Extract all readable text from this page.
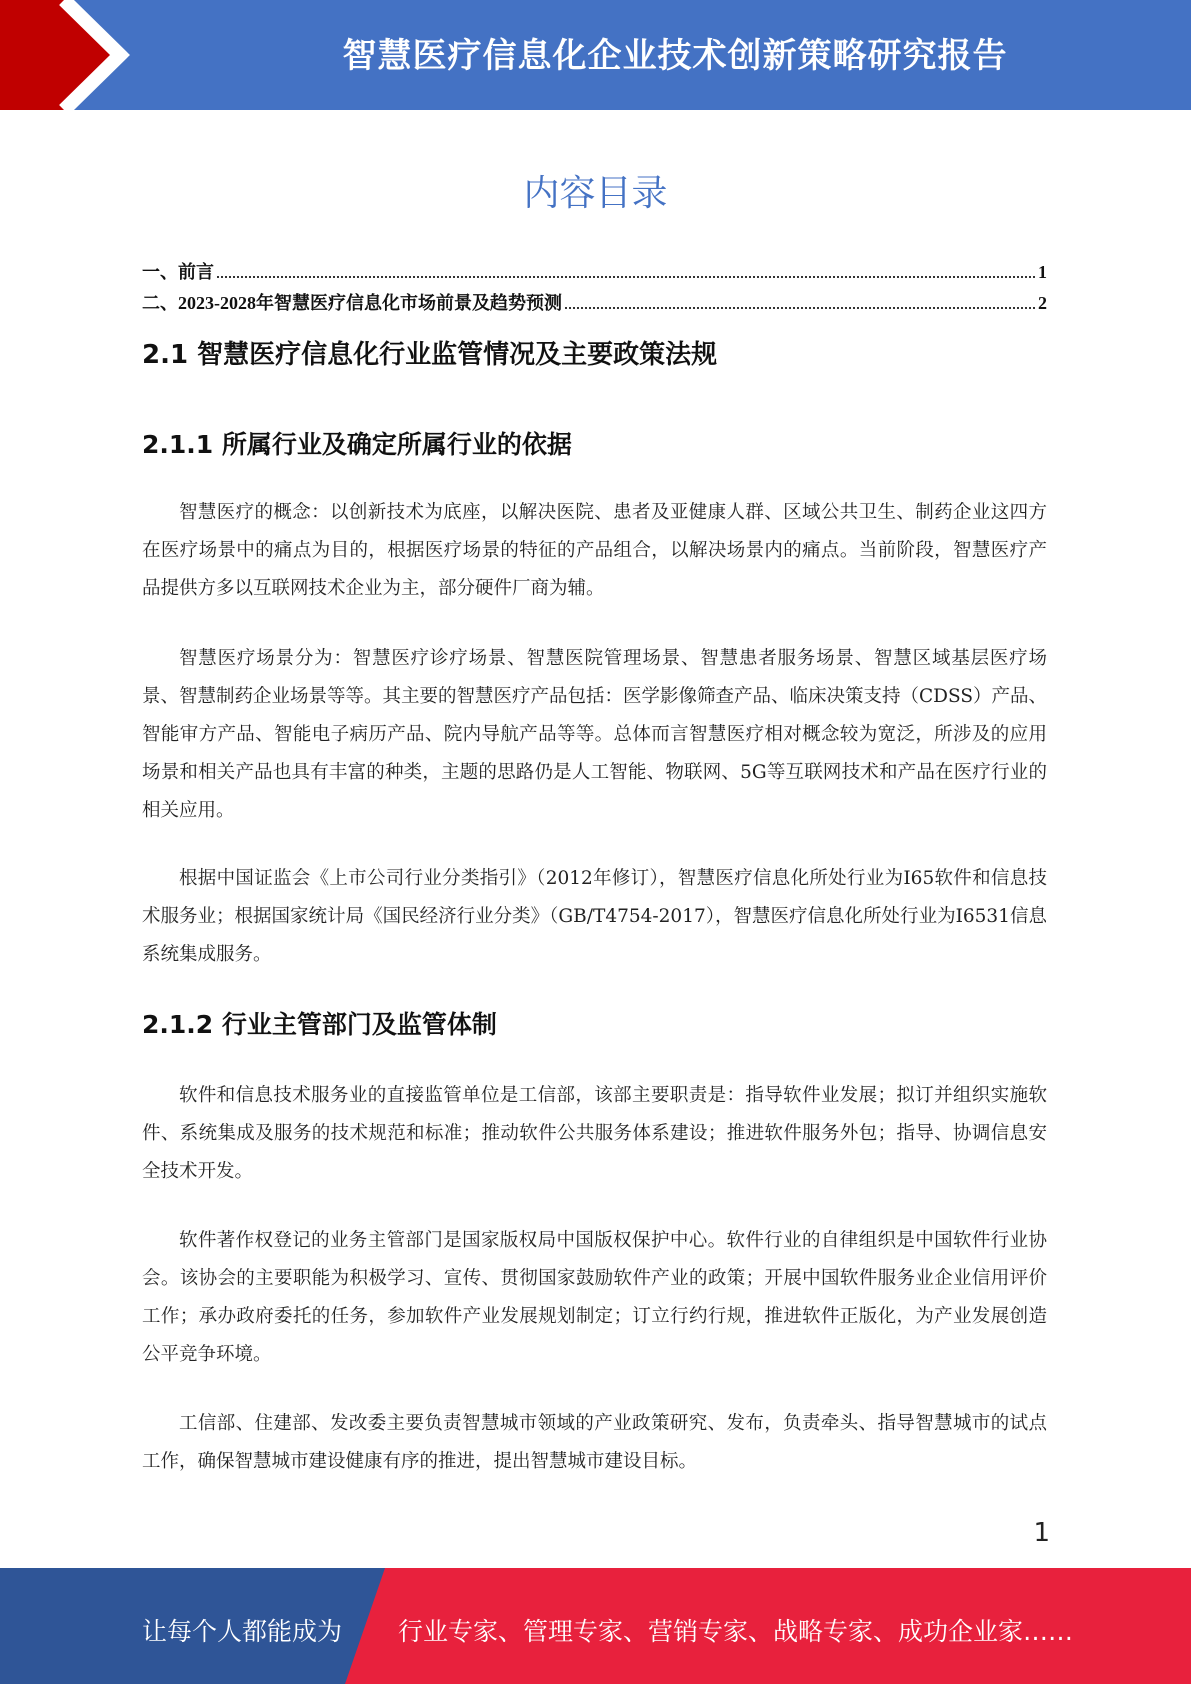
智慧医疗信息化企业技术创新策略研究报告
内容目录
一、前言	1
二、2023-2028年智慧医疗信息化市场前景及趋势预测	2
2.1 智慧医疗信息化行业监管情况及主要政策法规
2.1.1 所属行业及确定所属行业的依据

智慧医疗的概念：以创新技术为底座，以解决医院、患者及亚健康人群、区域公共卫生、制药企业这四方在医疗场景中的痛点为目的，根据医疗场景的特征的产品组合，以解决场景内的痛点。当前阶段，智慧医疗产品提供方多以互联网技术企业为主，部分硬件厂商为辅。

智慧医疗场景分为：智慧医疗诊疗场景、智慧医院管理场景、智慧患者服务场景、智慧区域基层医疗场景、智慧制药企业场景等等。其主要的智慧医疗产品包括：医学影像筛查产品、临床决策支持（CDSS）产品、智能审方产品、智能电子病历产品、院内导航产品等等。总体而言智慧医疗相对概念较为宽泛，所涉及的应用场景和相关产品也具有丰富的种类，主题的思路仍是人工智能、物联网、5G等互联网技术和产品在医疗行业的相关应用。

根据中国证监会《上市公司行业分类指引》（2012年修订），智慧医疗信息化所处行业为I65软件和信息技术服务业；根据国家统计局《国民经济行业分类》（GB/T4754-2017），智慧医疗信息化所处行业为I6531信息系统集成服务。

2.1.2 行业主管部门及监管体制

软件和信息技术服务业的直接监管单位是工信部，该部主要职责是：指导软件业发展；拟订并组织实施软件、系统集成及服务的技术规范和标准；推动软件公共服务体系建设；推进软件服务外包；指导、协调信息安全技术开发。

软件著作权登记的业务主管部门是国家版权局中国版权保护中心。软件行业的自律组织是中国软件行业协会。该协会的主要职能为积极学习、宣传、贯彻国家鼓励软件产业的政策；开展中国软件服务业企业信用评价工作；承办政府委托的任务，参加软件产业发展规划制定；订立行约行规，推进软件正版化，为产业发展创造公平竞争环境。

工信部、住建部、发改委主要负责智慧城市领域的产业政策研究、发布，负责牵头、指导智慧城市的试点工作，确保智慧城市建设健康有序的推进，提出智慧城市建设目标。

1
让每个人都能成为 行业专家、管理专家、营销专家、战略专家、成功企业家……
